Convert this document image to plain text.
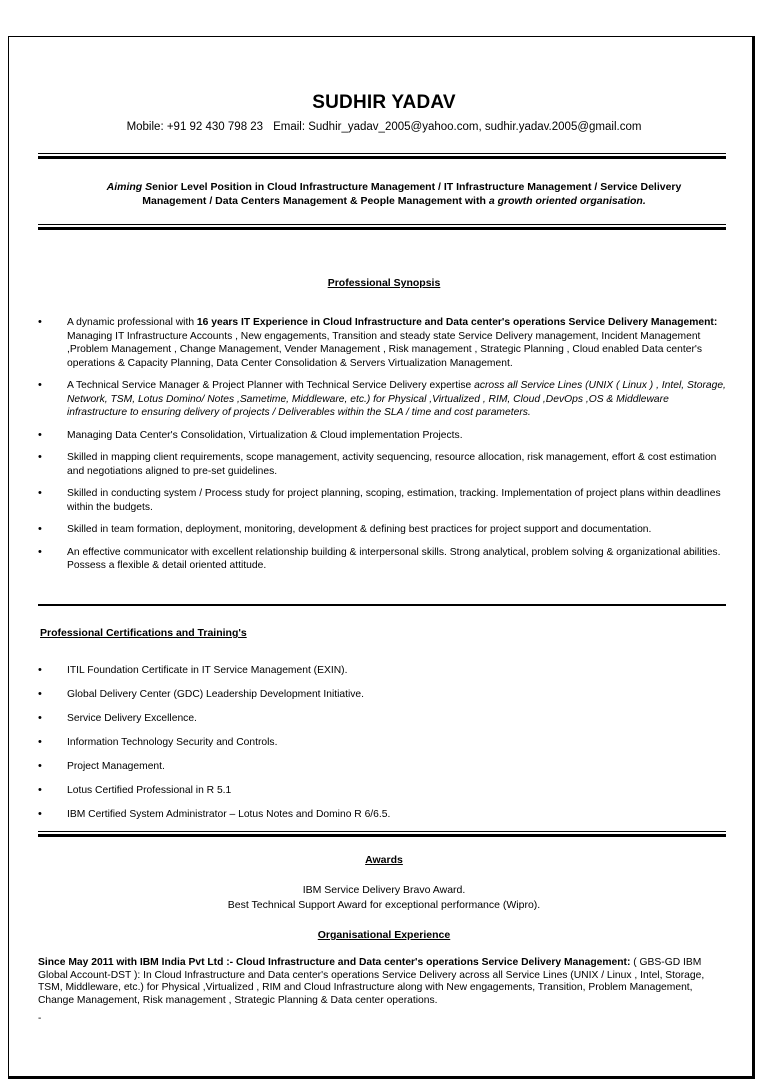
SUDHIR YADAV
Mobile: +91 92 430 798 23 Email: Sudhir_yadav_2005@yahoo.com, sudhir.yadav.2005@gmail.com
Aiming Senior Level Position in Cloud Infrastructure Management / IT Infrastructure Management / Service Delivery Management / Data Centers Management & People Management with a growth oriented organisation.
Professional Synopsis
• A dynamic professional with 16 years IT Experience in Cloud Infrastructure and Data center's operations Service Delivery Management: Managing IT Infrastructure Accounts , New engagements, Transition and steady state Service Delivery management, Incident Management ,Problem Management , Change Management, Vender Management , Risk management , Strategic Planning , Cloud enabled Data center's operations & Capacity Planning, Data Center Consolidation & Servers Virtualization Management.
• A Technical Service Manager & Project Planner with Technical Service Delivery expertise across all Service Lines (UNIX ( Linux ) , Intel, Storage, Network, TSM, Lotus Domino/ Notes ,Sametime, Middleware, etc.) for Physical ,Virtualized , RIM, Cloud ,DevOps ,OS & Middleware infrastructure to ensuring delivery of projects / Deliverables within the SLA / time and cost parameters.
• Managing Data Center's Consolidation, Virtualization & Cloud implementation Projects.
• Skilled in mapping client requirements, scope management, activity sequencing, resource allocation, risk management, effort & cost estimation and negotiations aligned to pre-set guidelines.
• Skilled in conducting system / Process study for project planning, scoping, estimation, tracking. Implementation of project plans within deadlines within the budgets.
• Skilled in team formation, deployment, monitoring, development & defining best practices for project support and documentation.
• An effective communicator with excellent relationship building & interpersonal skills. Strong analytical, problem solving & organizational abilities. Possess a flexible & detail oriented attitude.
Professional Certifications and Training's
• ITIL Foundation Certificate in IT Service Management (EXIN).
• Global Delivery Center (GDC) Leadership Development Initiative.
• Service Delivery Excellence.
• Information Technology Security and Controls.
• Project Management.
• Lotus Certified Professional in R 5.1
• IBM Certified System Administrator – Lotus Notes and Domino R 6/6.5.
Awards
IBM Service Delivery Bravo Award.
Best Technical Support Award for exceptional performance (Wipro).
Organisational Experience
Since May 2011 with IBM India Pvt Ltd :- Cloud Infrastructure and Data center's operations Service Delivery Management: ( GBS-GD IBM Global Account-DST ): In Cloud Infrastructure and Data center's operations Service Delivery across all Service Lines (UNIX / Linux , Intel, Storage, TSM, Middleware, etc.) for Physical ,Virtualized , RIM and Cloud Infrastructure along with New engagements, Transition, Problem Management, Change Management, Risk management , Strategic Planning & Data center operations.
-
